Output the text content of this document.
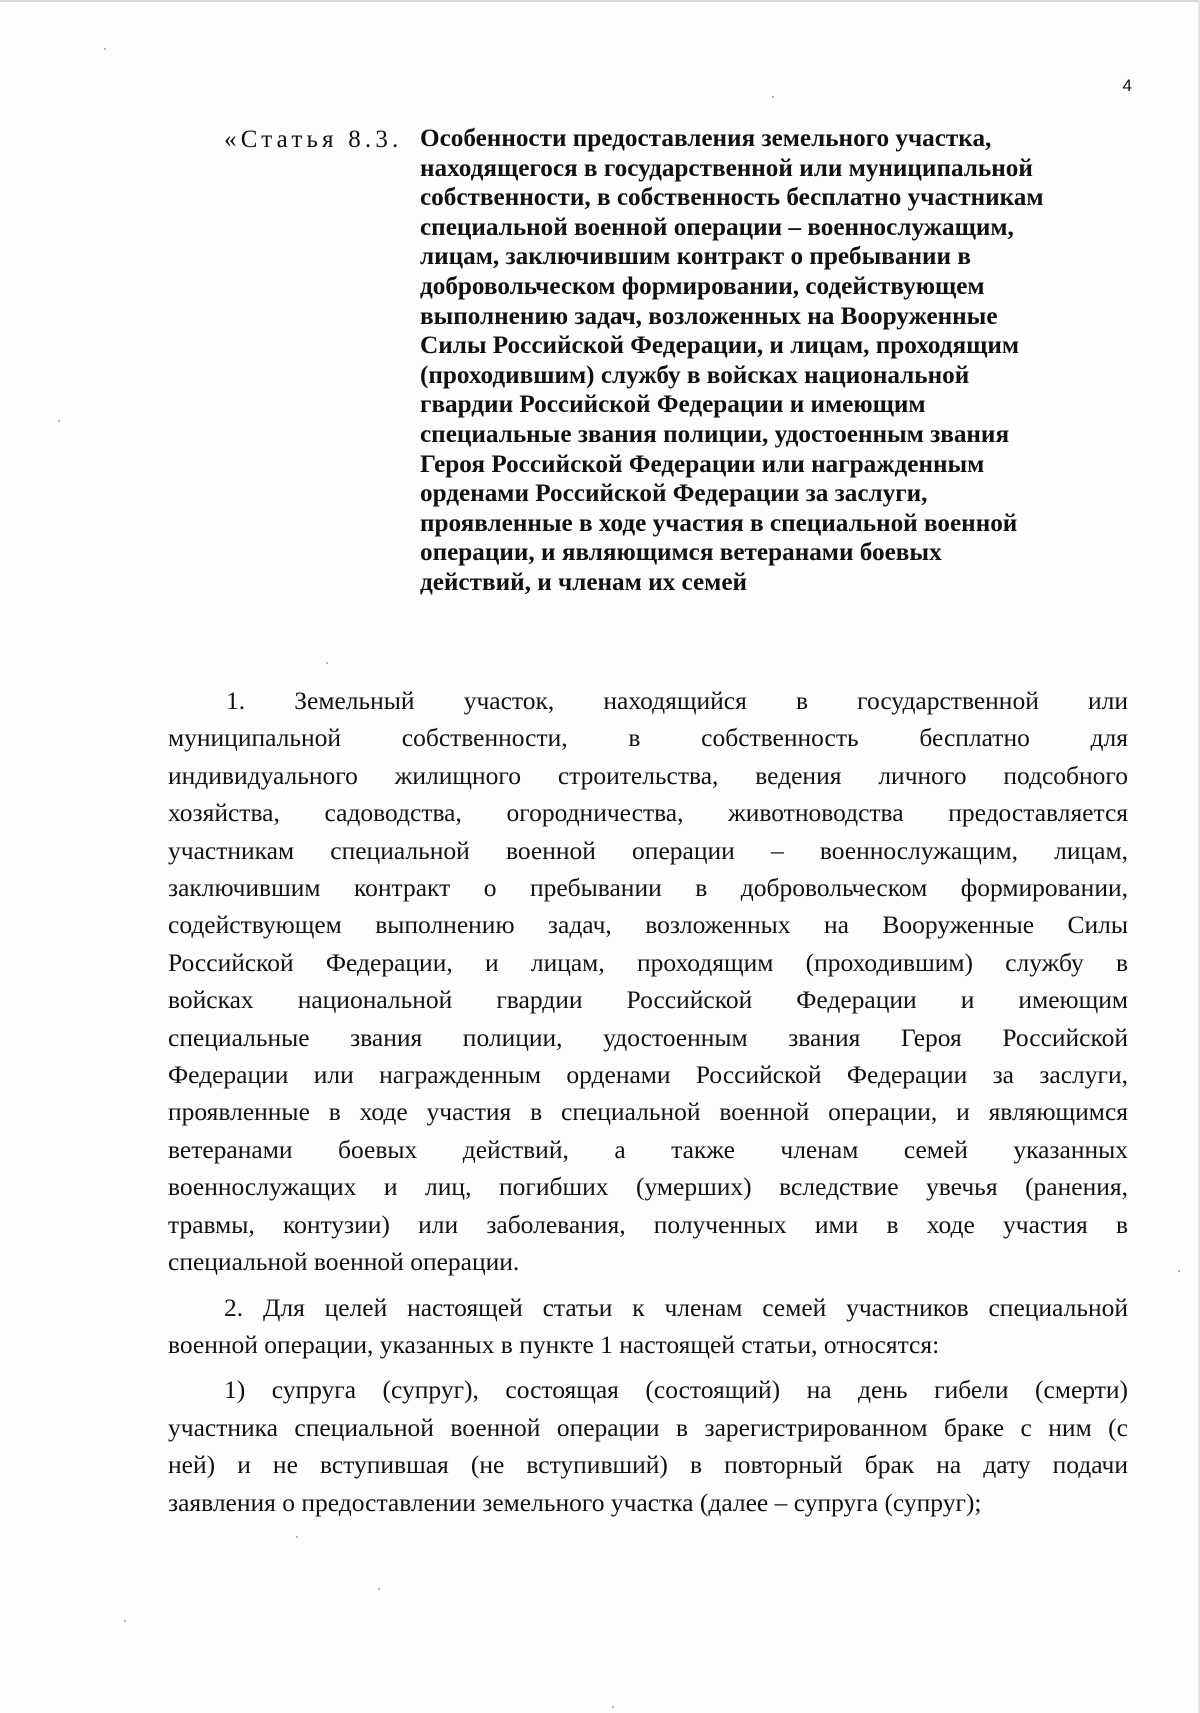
4
«Статья 8.3. Особенности предоставления земельного участка,
находящегося в государственной или муниципальной
собственности, в собственность бесплатно участникам
специальной военной операции – военнослужащим,
лицам, заключившим контракт о пребывании в
добровольческом формировании, содействующем
выполнению задач, возложенных на Вооруженные
Силы Российской Федерации, и лицам, проходящим
(проходившим) службу в войсках национальной
гвардии Российской Федерации и имеющим
специальные звания полиции, удостоенным звания
Героя Российской Федерации или награжденным
орденами Российской Федерации за заслуги,
проявленные в ходе участия в специальной военной
операции, и являющимся ветеранами боевых
действий, и членам их семей
1. Земельный участок, находящийся в государственной или
муниципальной собственности, в собственность бесплатно для
индивидуального жилищного строительства, ведения личного подсобного
хозяйства, садоводства, огородничества, животноводства предоставляется
участникам специальной военной операции – военнослужащим, лицам,
заключившим контракт о пребывании в добровольческом формировании,
содействующем выполнению задач, возложенных на Вооруженные Силы
Российской Федерации, и лицам, проходящим (проходившим) службу в
войсках национальной гвардии Российской Федерации и имеющим
специальные звания полиции, удостоенным звания Героя Российской
Федерации или награжденным орденами Российской Федерации за заслуги,
проявленные в ходе участия в специальной военной операции, и являющимся
ветеранами боевых действий, а также членам семей указанных
военнослужащих и лиц, погибших (умерших) вследствие увечья (ранения,
травмы, контузии) или заболевания, полученных ими в ходе участия в
специальной военной операции.
2. Для целей настоящей статьи к членам семей участников специальной
военной операции, указанных в пункте 1 настоящей статьи, относятся:
1) супруга (супруг), состоящая (состоящий) на день гибели (смерти)
участника специальной военной операции в зарегистрированном браке с ним (с
ней) и не вступившая (не вступивший) в повторный брак на дату подачи
заявления о предоставлении земельного участка (далее – супруга (супруг);
